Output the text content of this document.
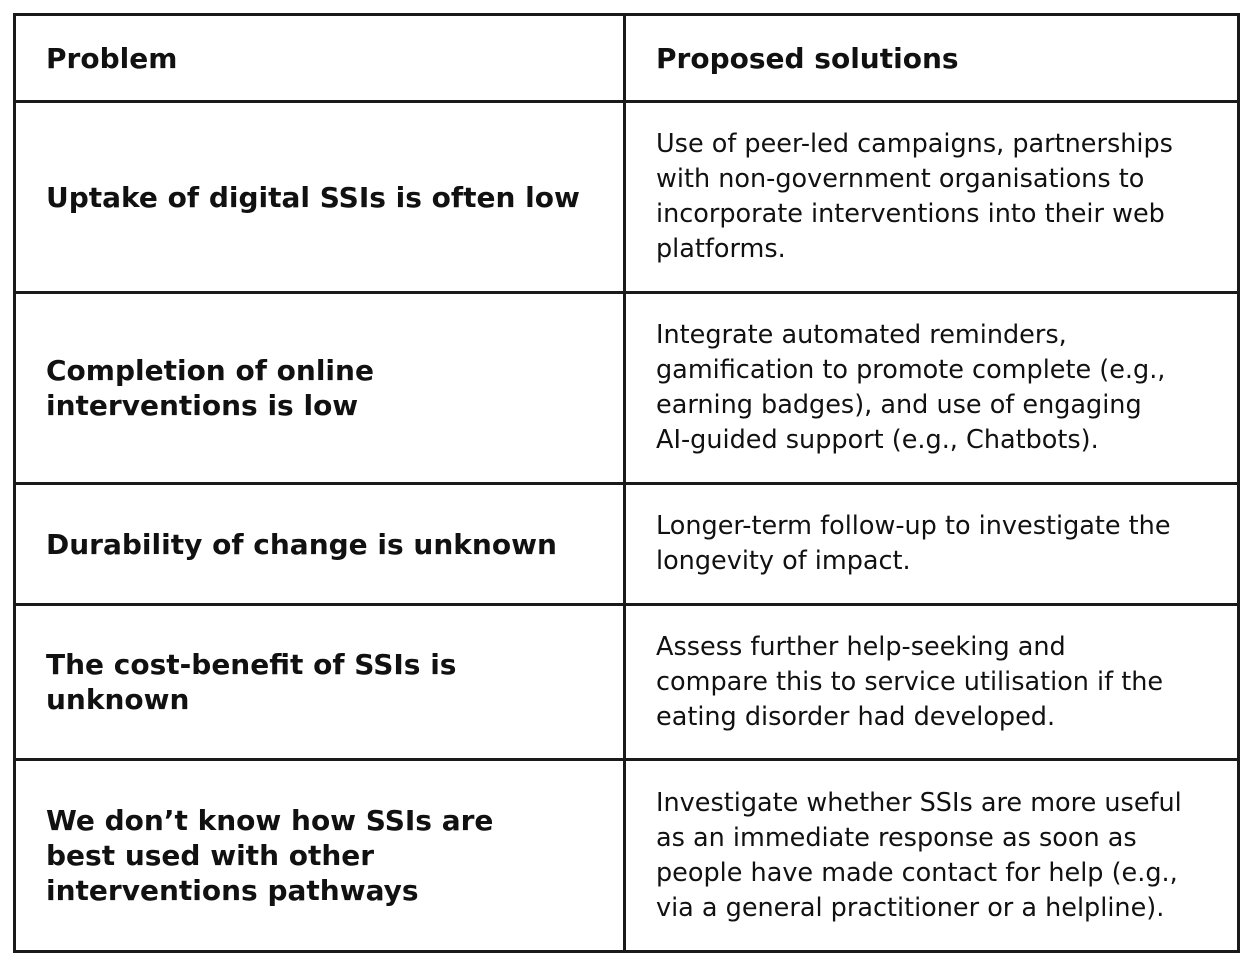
Problem	Proposed solutions

Uptake of digital SSIs is often low	Use of peer-led campaigns, partnerships
with non-government organisations to
incorporate interventions into their web
platforms.

Completion of online
interventions is low	Integrate automated reminders,
gamification to promote complete (e.g.,
earning badges), and use of engaging
AI-guided support (e.g., Chatbots).

Durability of change is unknown	Longer-term follow-up to investigate the
longevity of impact.

The cost-benefit of SSIs is unknown	Assess further help-seeking and
compare this to service utilisation if the
eating disorder had developed.

We don’t know how SSIs are
best used with other
interventions pathways	Investigate whether SSIs are more useful
as an immediate response as soon as
people have made contact for help (e.g.,
via a general practitioner or a helpline).
